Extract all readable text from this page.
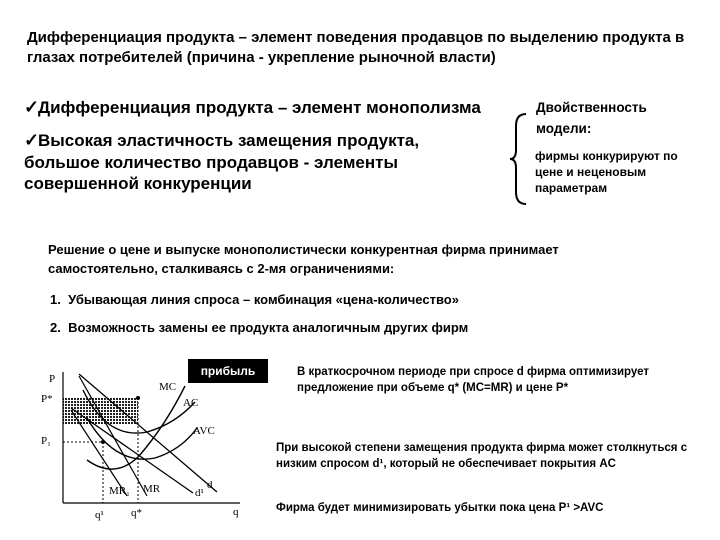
Дифференциация продукта – элемент поведения продавцов по выделению продукта в глазах потребителей (причина - укрепление рыночной власти)
✓Дифференциация продукта – элемент монополизма
✓Высокая эластичность замещения продукта,
большое количество продавцов - элементы
совершенной конкуренции
Двойственность модели:
фирмы конкурируют по цене и неценовым параметрам
Решение о цене и выпуске монополистически конкурентная фирма принимает самостоятельно, сталкиваясь с 2-мя ограничениями:
1. Убывающая линия спроса – комбинация «цена-количество»
2. Возможность замены ее продукта аналогичным других фирм
P
q
P*
P₁
MC
AC
AVC
MR₁ MR	d
d¹
q¹ q*
прибыль	В краткосрочном периоде при спросе d фирма оптимизирует предложение при объеме q* (MC=MR) и цене P*
При высокой степени замещения продукта фирма может столкнуться с низким спросом d¹, который не обеспечивает покрытия AC
Фирма будет минимизировать убытки пока цена P¹ >AVC
